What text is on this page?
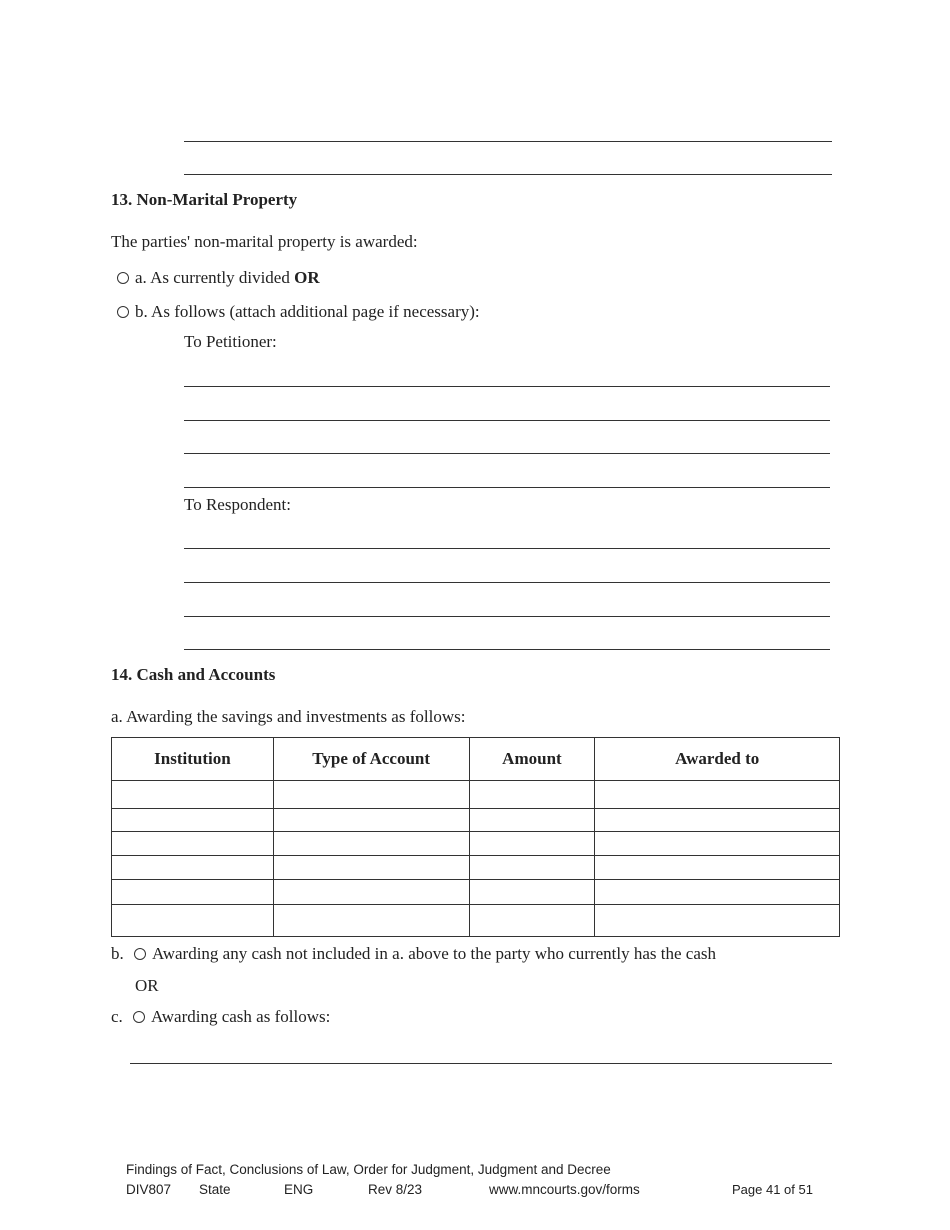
13. Non-Marital Property
The parties' non-marital property is awarded:
a. As currently divided OR
b. As follows (attach additional page if necessary):
To Petitioner:
To Respondent:
14. Cash and Accounts
a. Awarding the savings and investments as follows:
Institution	Type of Account	Amount	Awarded to

b. Awarding any cash not included in a. above to the party who currently has the cash
OR
c. Awarding cash as follows:
Findings of Fact, Conclusions of Law, Order for Judgment, Judgment and Decree
DIV807 State	ENG	Rev 8/23	www.mncourts.gov/forms	Page 41 of 51
